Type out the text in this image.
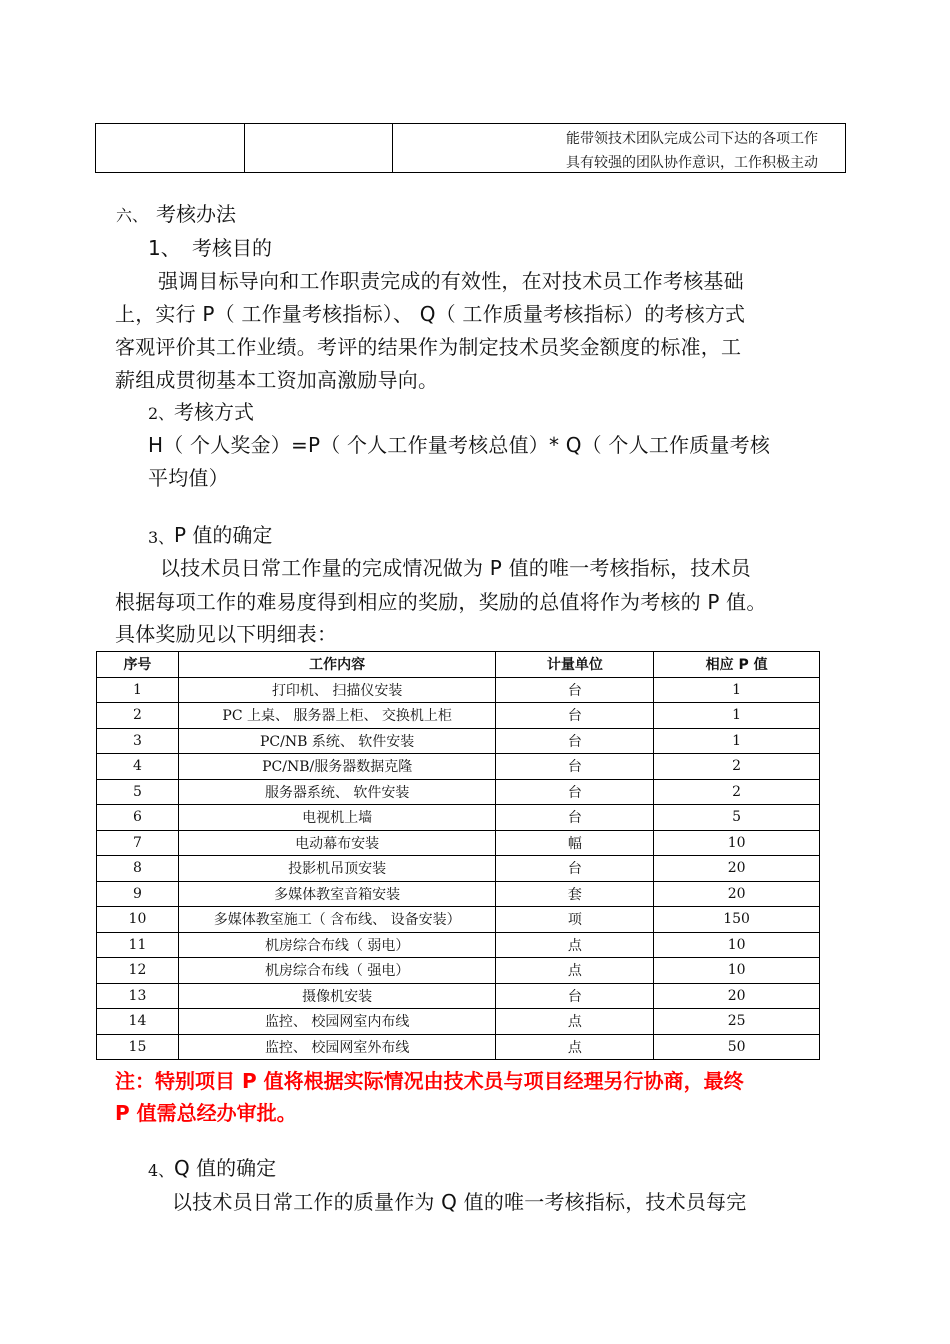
能带领技术团队完成公司下达的各项工作
具有较强的团队协作意识，工作积极主动
六、 考核办法
1、 考核目的
强调目标导向和工作职责完成的有效性，在对技术员工作考核基础
上，实行 P（ 工作量考核指标）、 Q（ 工作质量考核指标）的考核方式
客观评价其工作业绩。考评的结果作为制定技术员奖金额度的标准，工
薪组成贯彻基本工资加高激励导向。
2、 考核方式
H（ 个人奖金）=P（ 个人工作量考核总值）* Q（ 个人工作质量考核
平均值）
3、 P 值的确定
以技术员日常工作量的完成情况做为 P 值的唯一考核指标，技术员
根据每项工作的难易度得到相应的奖励，奖励的总值将作为考核的 P 值。
具体奖励见以下明细表：
序号	工作内容	计量单位	相应 P 值
1	打印机、 扫描仪安装	台	1
2	PC 上桌、 服务器上柜、 交换机上柜	台	1
3	PC/NB 系统、 软件安装	台	1
4	PC/NB/服务器数据克隆	台	2
5	服务器系统、 软件安装	台	2
6	电视机上墙	台	5
7	电动幕布安装	幅	10
8	投影机吊顶安装	台	20
9	多媒体教室音箱安装	套	20
10	多媒体教室施工（ 含布线、 设备安装）	项	150
11	机房综合布线（ 弱电）	点	10
12	机房综合布线（ 强电）	点	10
13	摄像机安装	台	20
14	监控、 校园网室内布线	点	25
15	监控、 校园网室外布线	点	50
注：特别项目 P 值将根据实际情况由技术员与项目经理另行协商，最终
P 值需总经办审批。
4、 Q 值的确定
以技术员日常工作的质量作为 Q 值的唯一考核指标，技术员每完
